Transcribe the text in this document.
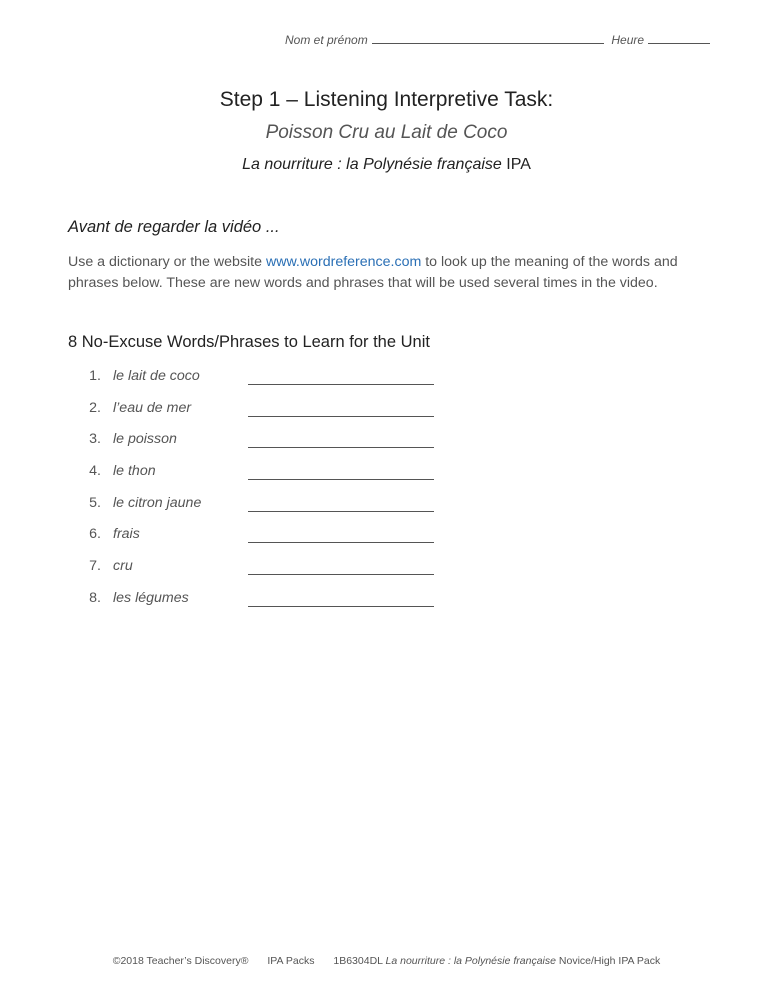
Nom et prénom	Heure
Step 1 – Listening Interpretive Task:
Poisson Cru au Lait de Coco
La nourriture : la Polynésie française IPA
Avant de regarder la vidéo ...
Use a dictionary or the website www.wordreference.com to look up the meaning of the words and phrases below. These are new words and phrases that will be used several times in the video.
8 No-Excuse Words/Phrases to Learn for the Unit
1. le lait de coco
2. l’eau de mer
3. le poisson
4. le thon
5. le citron jaune
6. frais
7. cru
8. les légumes
©2018 Teacher’s Discovery® IPA Packs 1B6304DL La nourriture : la Polynésie française Novice/High IPA Pack
